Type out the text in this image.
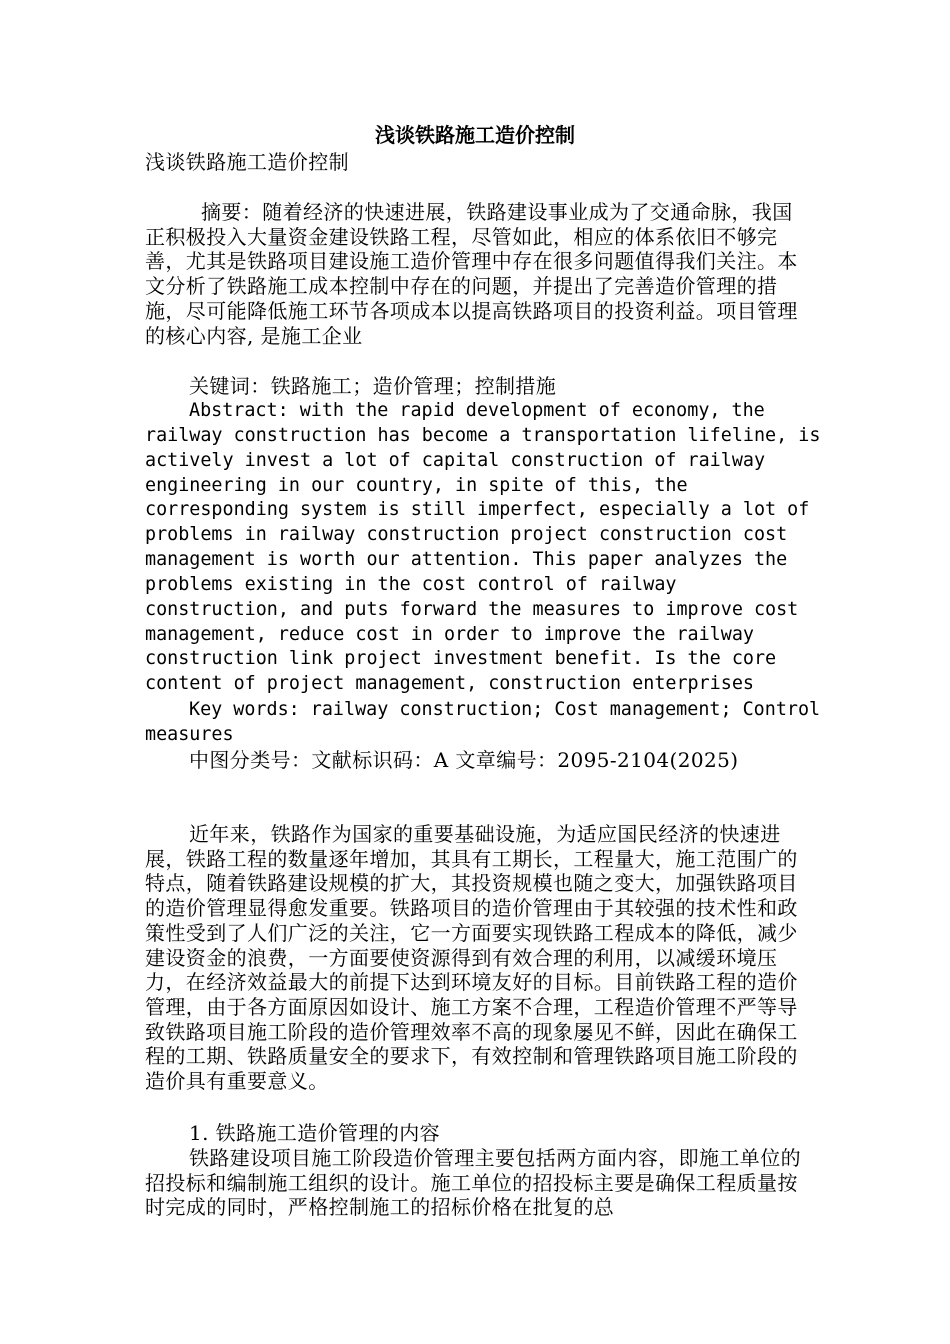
浅谈铁路施工造价控制
浅谈铁路施工造价控制
摘要：随着经济的快速进展，铁路建设事业成为了交通命脉，我国正积极投入大量资金建设铁路工程，尽管如此，相应的体系依旧不够完善，尤其是铁路项目建设施工造价管理中存在很多问题值得我们关注。本文分析了铁路施工成本控制中存在的问题，并提出了完善造价管理的措施，尽可能降低施工环节各项成本以提高铁路项目的投资利益。项目管理的核心内容, 是施工企业
关键词：铁路施工；造价管理；控制措施
Abstract: with the rapid development of economy, the railway construction has become a transportation lifeline, is actively invest a lot of capital construction of railway engineering in our country, in spite of this, the corresponding system is still imperfect, especially a lot of problems in railway construction project construction cost management is worth our attention. This paper analyzes the problems existing in the cost control of railway construction, and puts forward the measures to improve cost management, reduce cost in order to improve the railway construction link project investment benefit. Is the core content of project management, construction enterprises
Key words: railway construction; Cost management; Control measures
中图分类号：文献标识码：A 文章编号：2095-2104(2025)
近年来，铁路作为国家的重要基础设施，为适应国民经济的快速进展，铁路工程的数量逐年增加，其具有工期长，工程量大，施工范围广的特点，随着铁路建设规模的扩大，其投资规模也随之变大，加强铁路项目的造价管理显得愈发重要。铁路项目的造价管理由于其较强的技术性和政策性受到了人们广泛的关注，它一方面要实现铁路工程成本的降低，减少建设资金的浪费，一方面要使资源得到有效合理的利用，以减缓环境压力，在经济效益最大的前提下达到环境友好的目标。目前铁路工程的造价管理，由于各方面原因如设计、施工方案不合理，工程造价管理不严等导致铁路项目施工阶段的造价管理效率不高的现象屡见不鲜，因此在确保工程的工期、铁路质量安全的要求下，有效控制和管理铁路项目施工阶段的造价具有重要意义。
1. 铁路施工造价管理的内容
铁路建设项目施工阶段造价管理主要包括两方面内容，即施工单位的招投标和编制施工组织的设计。施工单位的招投标主要是确保工程质量按时完成的同时，严格控制施工的招标价格在批复的总
